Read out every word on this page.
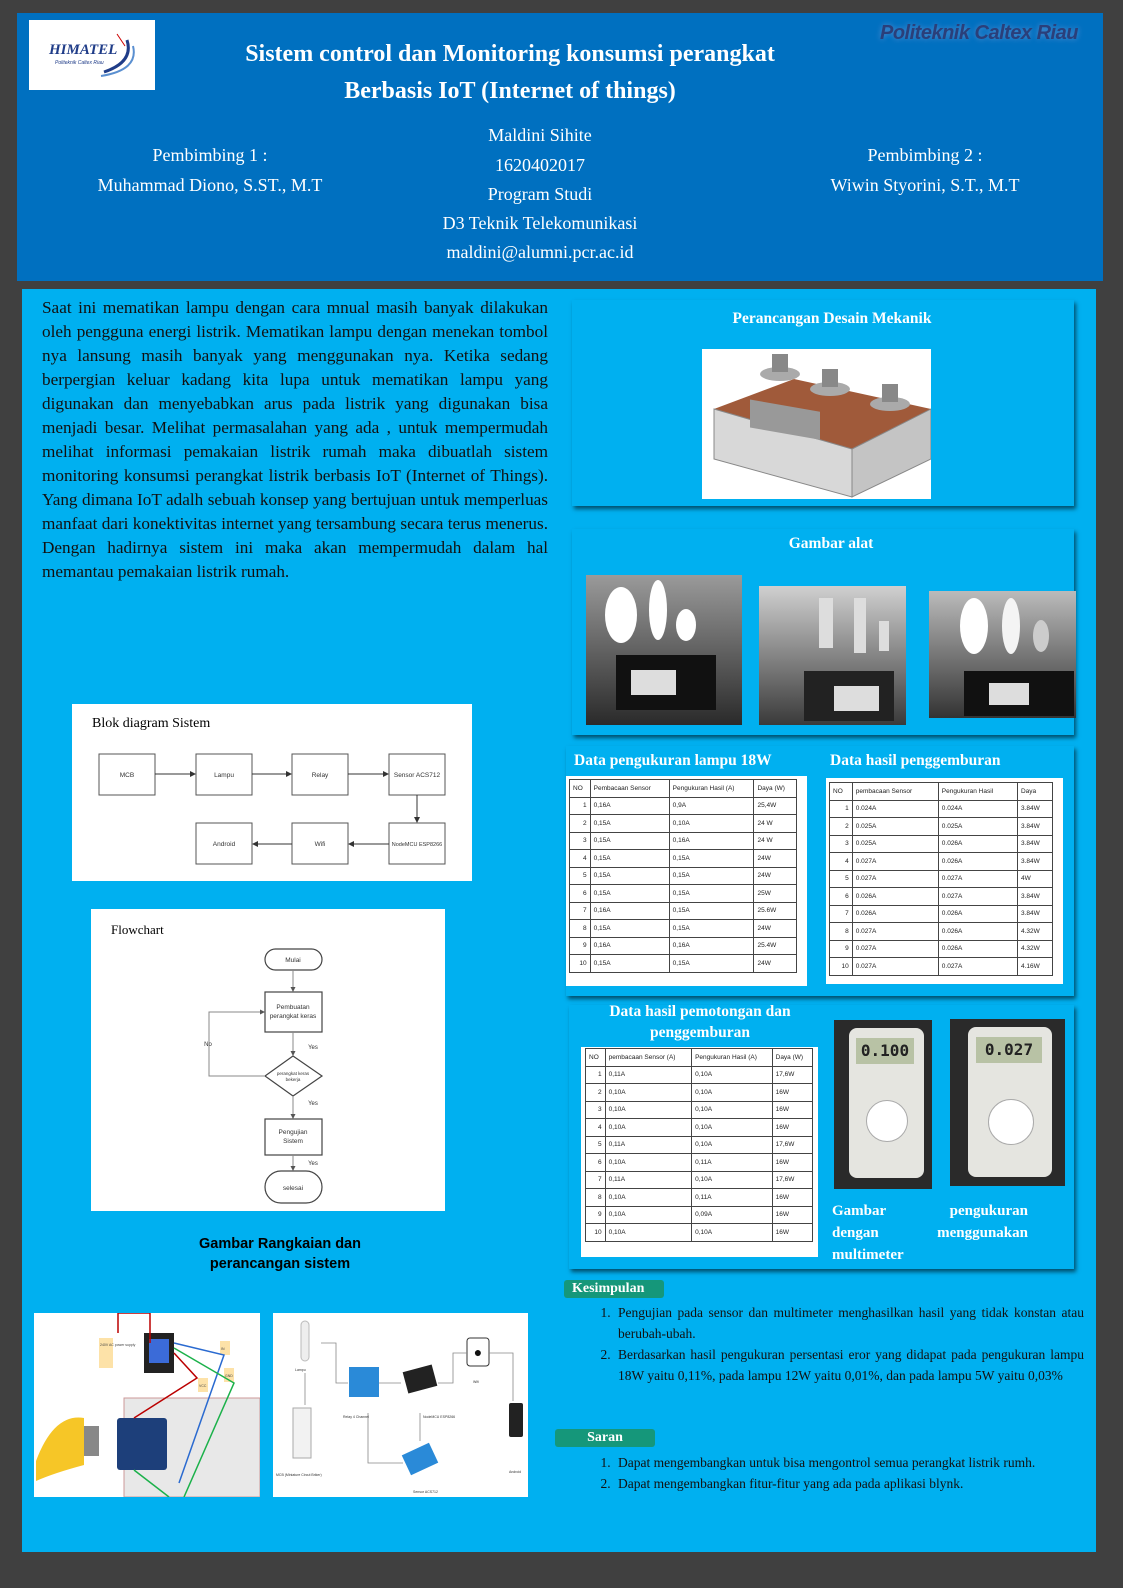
HIMATEL
Politeknik Caltex Riau
Politeknik Caltex Riau
Sistem control dan Monitoring konsumsi perangkat
Berbasis IoT (Internet of things)
Pembimbing 1 :
Muhammad Diono, S.ST., M.T
Maldini Sihite
1620402017
Program Studi
D3 Teknik Telekomunikasi
maldini@alumni.pcr.ac.id
Pembimbing 2 :
Wiwin Styorini, S.T., M.T
Saat ini mematikan lampu dengan cara mnual masih banyak dilakukan oleh pengguna energi listrik. Mematikan lampu dengan menekan tombol nya lansung masih banyak yang menggunakan nya. Ketika sedang berpergian keluar kadang kita lupa untuk mematikan lampu yang digunakan dan menyebabkan arus pada listrik yang digunakan bisa menjadi besar. Melihat permasalahan yang ada , untuk mempermudah melihat informasi pemakaian listrik rumah maka dibuatlah sistem monitoring konsumsi perangkat listrik berbasis IoT (Internet of Things). Yang dimana IoT adalh sebuah konsep yang bertujuan untuk memperluas manfaat dari konektivitas internet yang tersambung secara terus menerus. Dengan hadirnya sistem ini maka akan mempermudah dalam hal memantau pemakaian listrik rumah.
Blok diagram Sistem
MCB	Lampu	Relay	Sensor ACS712
NodeMCU ESP8266
Wifi
Android
Flowchart
Mulai
Pembuatan
perangkat keras
perangkat keras
bekerja
Pengujian
Sistem
selesai
Yes
Yes
Yes
No
Gambar Rangkaian dan
perancangan sistem
240V AC power supply
IN
VCC
GND
●
Lampu
MCB (Miniature Circut Briker)
Relay 4 Channel	NodeMCU ESP8266
Sensor ACS712
Wifi
Android
Perancangan Desain Mekanik
Gambar alat
Data pengukuran lampu 18W	Data hasil penggemburan
NO	Pembacaan Sensor	Pengukuran Hasil (A)	Daya (W)
1	0,16A	0,9A	25,4W
2	0,15A	0,10A	24 W
3	0,15A	0,16A	24 W
4	0,15A	0,15A	24W
5	0,15A	0,15A	24W
6	0,15A	0,15A	25W
7	0,16A	0,15A	25.6W
8	0,15A	0,15A	24W
9	0,16A	0,16A	25.4W
10	0,15A	0,15A	24W
NO	pembacaan Sensor	Pengukuran Hasil	Daya
1	0.024A	0.024A	3.84W
2	0.025A	0.025A	3.84W
3	0.025A	0.026A	3.84W
4	0.027A	0.026A	3.84W
5	0.027A	0.027A	4W
6	0.026A	0.027A	3.84W
7	0.026A	0.026A	3.84W
8	0.027A	0.026A	4.32W
9	0.027A	0.026A	4.32W
10	0.027A	0.027A	4.16W
Data hasil pemotongan dan
penggemburan
NO	pembacaan Sensor (A)	Pengukuran Hasil (A)	Daya (W)
1	0,11A	0,10A	17,6W
2	0,10A	0,10A	16W
3	0,10A	0,10A	16W
4	0,10A	0,10A	16W
5	0,11A	0,10A	17,6W
6	0,10A	0,11A	16W
7	0,11A	0,10A	17,6W
8	0,10A	0,11A	16W
9	0,10A	0,09A	16W
10	0,10A	0,10A	16W
0.100	0.027
Gambar	pengukuran
dengan	menggunakan
multimeter
Kesimpulan
1. Pengujian pada sensor dan multimeter menghasilkan hasil yang tidak konstan atau berubah-ubah.
2. Berdasarkan hasil pengukuran persentasi eror yang didapat pada pengukuran lampu 18W yaitu 0,11%, pada lampu 12W yaitu 0,01%, dan pada lampu 5W yaitu 0,03%
Saran
1. Dapat mengembangkan untuk bisa mengontrol semua perangkat listrik rumh.
2. Dapat mengembangkan fitur-fitur yang ada pada aplikasi blynk.
